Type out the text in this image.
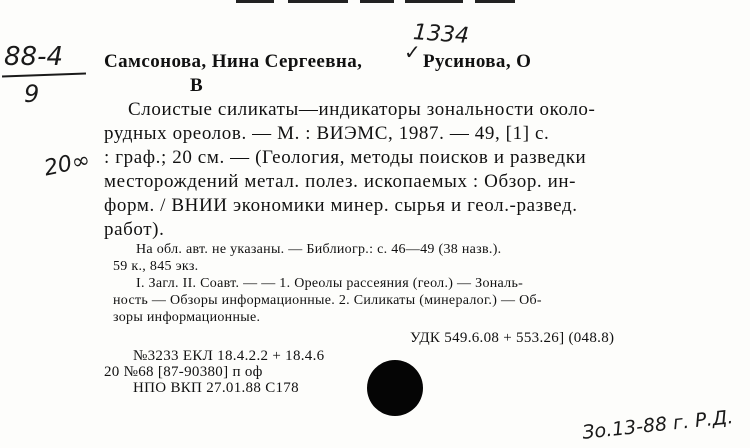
88-4
9
20∞
1334
✓
Самсонова, Нина Сергеевна,	Русинова, О
В
Слоистые силикаты—индикаторы зональности около-
рудных ореолов. — М. : ВИЭМС, 1987. — 49, [1] с.
: граф.; 20 см. — (Геология, методы поисков и разведки
месторождений метал. полез. ископаемых : Обзор. ин-
форм. / ВНИИ экономики минер. сырья и геол.-развед.
работ).
На обл. авт. не указаны. — Библиогр.: с. 46—49 (38 назв.).
59 к., 845 экз.
I. Загл. II. Соавт. — — 1. Ореолы рассеяния (геол.) — Зональ-
ность — Обзоры информационные. 2. Силикаты (минералог.) — Об-
зоры информационные.
УДК 549.6.08 + 553.26] (048.8)
№3233 ЕКЛ 18.4.2.2 + 18.4.6
20 №68 [87-90380] п оф
НПО ВКП 27.01.88 С178
Зо.13-88 г. Р.Д.
